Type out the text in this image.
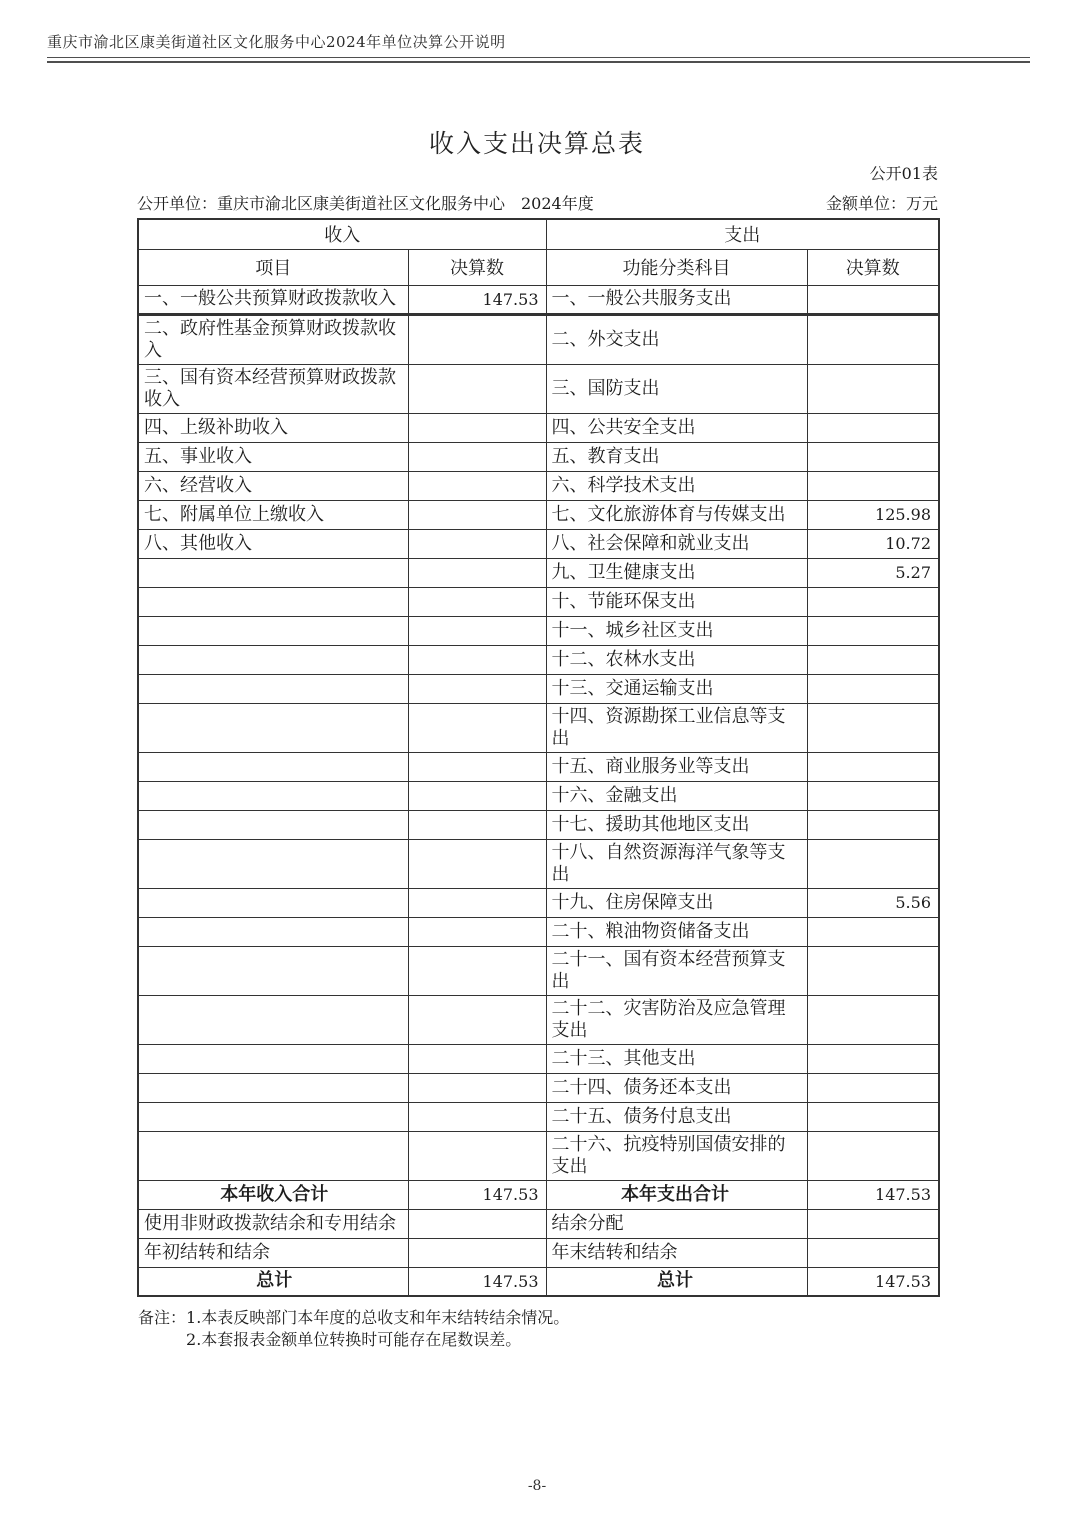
重庆市渝北区康美街道社区文化服务中心2024年单位决算公开说明
收入支出决算总表
公开01表
公开单位：重庆市渝北区康美街道社区文化服务中心　2024年度	金额单位：万元
收入		支出	
项目	决算数	功能分类科目	决算数
一、一般公共预算财政拨款收入	147.53	一、一般公共服务支出	
二、政府性基金预算财政拨款收入		二、外交支出	
三、国有资本经营预算财政拨款收入		三、国防支出	
四、上级补助收入		四、公共安全支出	
五、事业收入		五、教育支出	
六、经营收入		六、科学技术支出	
七、附属单位上缴收入		七、文化旅游体育与传媒支出	125.98
八、其他收入		八、社会保障和就业支出	10.72
		九、卫生健康支出	5.27
		十、节能环保支出	
		十一、城乡社区支出	
		十二、农林水支出	
		十三、交通运输支出	
		十四、资源勘探工业信息等支出	
		十五、商业服务业等支出	
		十六、金融支出	
		十七、援助其他地区支出	
		十八、自然资源海洋气象等支出	
		十九、住房保障支出	5.56
		二十、粮油物资储备支出	
		二十一、国有资本经营预算支出	
		二十二、灾害防治及应急管理支出	
		二十三、其他支出	
		二十四、债务还本支出	
		二十五、债务付息支出	
		二十六、抗疫特别国债安排的支出	
本年收入合计	147.53	本年支出合计	147.53
使用非财政拨款结余和专用结余		结余分配	
年初结转和结余		年末结转和结余	
总计	147.53	总计	147.53
备注： 1.本表反映部门本年度的总收支和年末结转结余情况。
2.本套报表金额单位转换时可能存在尾数误差。
-8-
